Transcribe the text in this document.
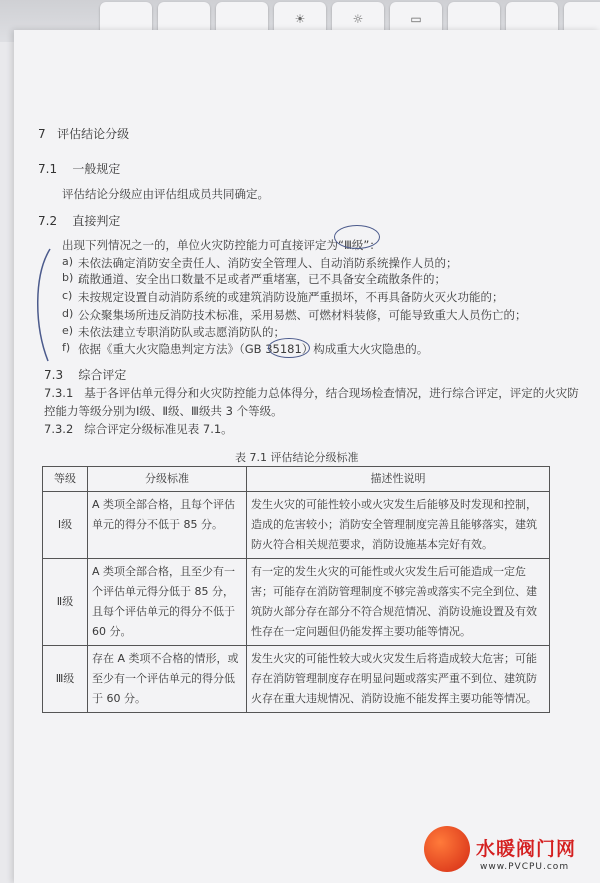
☀	☼	▭
7 评估结论分级
7.1 一般规定
评估结论分级应由评估组成员共同确定。
7.2 直接判定
出现下列情况之一的，单位火灾防控能力可直接评定为“Ⅲ级”：
a) 未依法确定消防安全责任人、消防安全管理人、自动消防系统操作人员的；
b) 疏散通道、安全出口数量不足或者严重堵塞，已不具备安全疏散条件的；
c) 未按规定设置自动消防系统的或建筑消防设施严重损坏，不再具备防火灭火功能的；
d) 公众聚集场所违反消防技术标准，采用易燃、可燃材料装修，可能导致重大人员伤亡的；
e) 未依法建立专职消防队或志愿消防队的；
f) 依据《重大火灾隐患判定方法》（GB 35181）构成重大火灾隐患的。
7.3 综合评定
7.3.1 基于各评估单元得分和火灾防控能力总体得分，结合现场检查情况，进行综合评定，评定的火灾防
控能力等级分别为Ⅰ级、Ⅱ级、Ⅲ级共 3 个等级。
7.3.2 综合评定分级标准见表 7.1。
表 7.1 评估结论分级标准
等级	分级标准	描述性说明
Ⅰ级	A 类项全部合格，且每个评估单元的得分不低于 85 分。	发生火灾的可能性较小或火灾发生后能够及时发现和控制，造成的危害较小；消防安全管理制度完善且能够落实，建筑防火符合相关规范要求，消防设施基本完好有效。
Ⅱ级	A 类项全部合格，且至少有一个评估单元得分低于 85 分，且每个评估单元的得分不低于 60 分。	有一定的发生火灾的可能性或火灾发生后可能造成一定危害；可能存在消防管理制度不够完善或落实不完全到位、建筑防火部分存在部分不符合规范情况、消防设施设置及有效性存在一定问题但仍能发挥主要功能等情况。
Ⅲ级	存在 A 类项不合格的情形，或至少有一个评估单元的得分低于 60 分。	发生火灾的可能性较大或火灾发生后将造成较大危害；可能存在消防管理制度存在明显问题或落实严重不到位、建筑防火存在重大违规情况、消防设施不能发挥主要功能等情况。
水暖阀门网
www.PVCPU.com
